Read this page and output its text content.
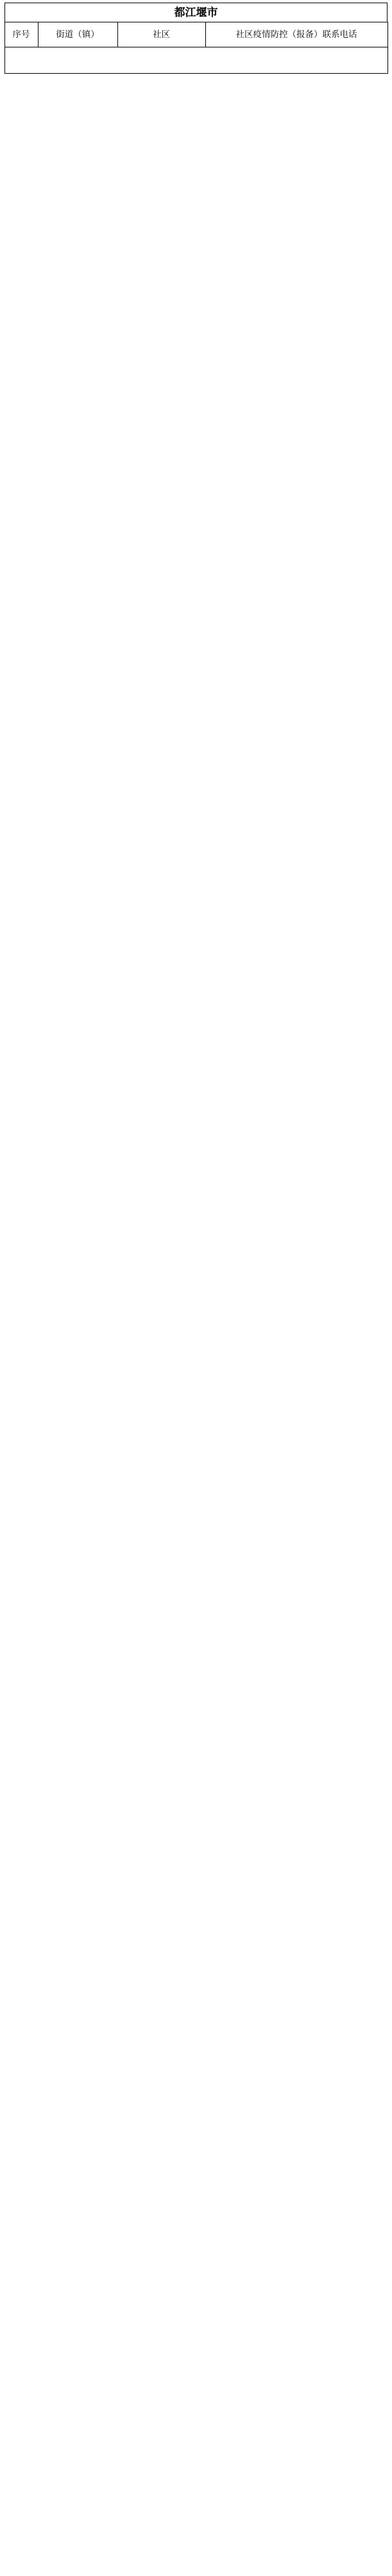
都江堰市
序号	街道（镇）	社区	社区疫情防控（报备）联系电话
